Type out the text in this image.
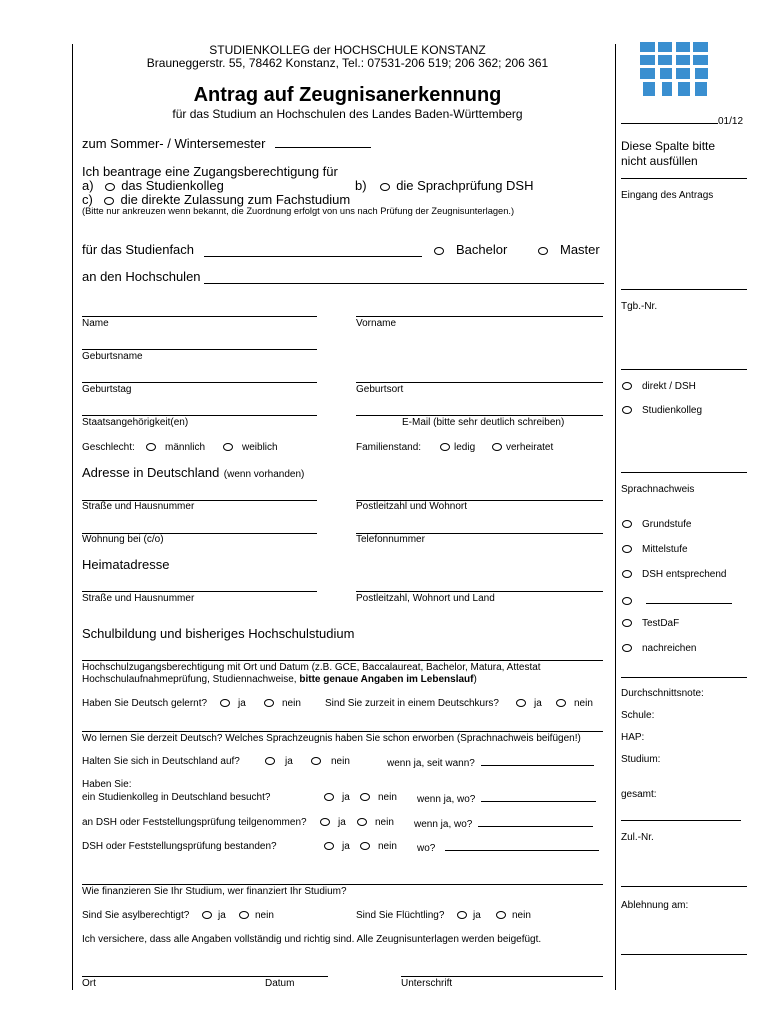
STUDIENKOLLEG der HOCHSCHULE KONSTANZ
Brauneggerstr. 55, 78462 Konstanz, Tel.: 07531-206 519; 206 362; 206 361
Antrag auf Zeugnisanerkennung
für das Studium an Hochschulen des Landes Baden-Württemberg
zum Sommer- / Wintersemester
Ich beantrage eine Zugangsberechtigung für
a) das Studienkolleg	b) die Sprachprüfung DSH
c) die direkte Zulassung zum Fachstudium
(Bitte nur ankreuzen wenn bekannt, die Zuordnung erfolgt von uns nach Prüfung der Zeugnisunterlagen.)
für das Studienfach	Bachelor	Master
an den Hochschulen
Name	Vorname
Geburtsname
Geburtstag	Geburtsort
Staatsangehörigkeit(en)	E-Mail (bitte sehr deutlich schreiben)
Geschlecht:	männlich	weiblich	Familienstand:	ledig	verheiratet
Adresse in Deutschland (wenn vorhanden)
Straße und Hausnummer	Postleitzahl und Wohnort
Wohnung bei (c/o)	Telefonnummer
Heimatadresse
Straße und Hausnummer	Postleitzahl, Wohnort und Land
Schulbildung und bisheriges Hochschulstudium
Hochschulzugangsberechtigung mit Ort und Datum (z.B. GCE, Baccalaureat, Bachelor, Matura, Attestat
Hochschulaufnahmeprüfung, Studiennachweise, bitte genaue Angaben im Lebenslauf)
Haben Sie Deutsch gelernt?	ja	nein Sind Sie zurzeit in einem Deutschkurs?	ja	nein
Wo lernen Sie derzeit Deutsch? Welches Sprachzeugnis haben Sie schon erworben (Sprachnachweis beifügen!)
Halten Sie sich in Deutschland auf?	ja	nein	wenn ja, seit wann?
Haben Sie:
ein Studienkolleg in Deutschland besucht?	ja	nein wenn ja, wo?
an DSH oder Feststellungsprüfung teilgenommen?	ja	nein wenn ja, wo?
DSH oder Feststellungsprüfung bestanden?	ja	nein wo?
Wie finanzieren Sie Ihr Studium, wer finanziert Ihr Studium?
Sind Sie asylberechtigt?	ja	nein	Sind Sie Flüchtling?	ja	nein
Ich versichere, dass alle Angaben vollständig und richtig sind. Alle Zeugnisunterlagen werden beigefügt.
Ort	Datum	Unterschrift
01/12
Diese Spalte bitte
nicht ausfüllen
Eingang des Antrags
Tgb.-Nr.
direkt / DSH
Studienkolleg
Sprachnachweis
Grundstufe
Mittelstufe
DSH entsprechend
TestDaF
nachreichen
Durchschnittsnote:
Schule:
HAP:
Studium:
gesamt:
Zul.-Nr.
Ablehnung am:
